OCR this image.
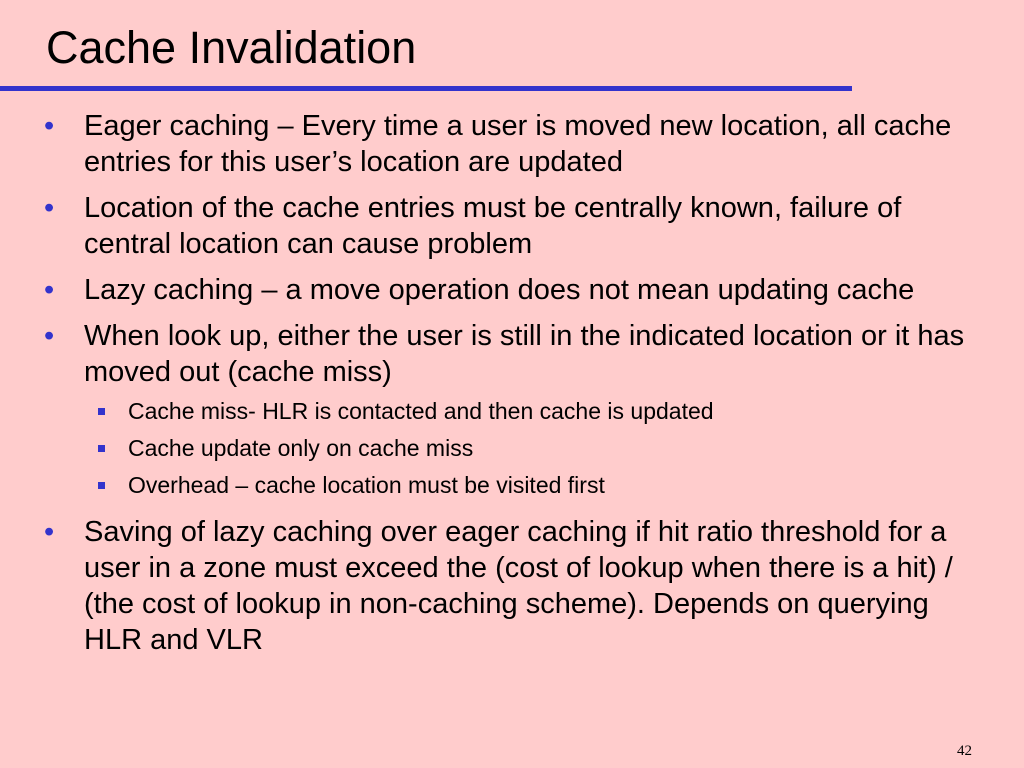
Cache Invalidation
• Eager caching – Every time a user is moved new location, all cache entries for this user’s location are updated
• Location of the cache entries must be centrally known, failure of central location can cause problem
• Lazy caching – a move operation does not mean updating cache
• When look up, either the user is still in the indicated location or it has moved out (cache miss)
Cache miss- HLR is contacted and then cache is updated
Cache update only on cache miss
Overhead – cache location must be visited first
• Saving of lazy caching over eager caching if hit ratio threshold for a user in a zone must exceed the (cost of lookup when there is a hit) / (the cost of lookup in non-caching scheme). Depends on querying HLR and VLR
42
